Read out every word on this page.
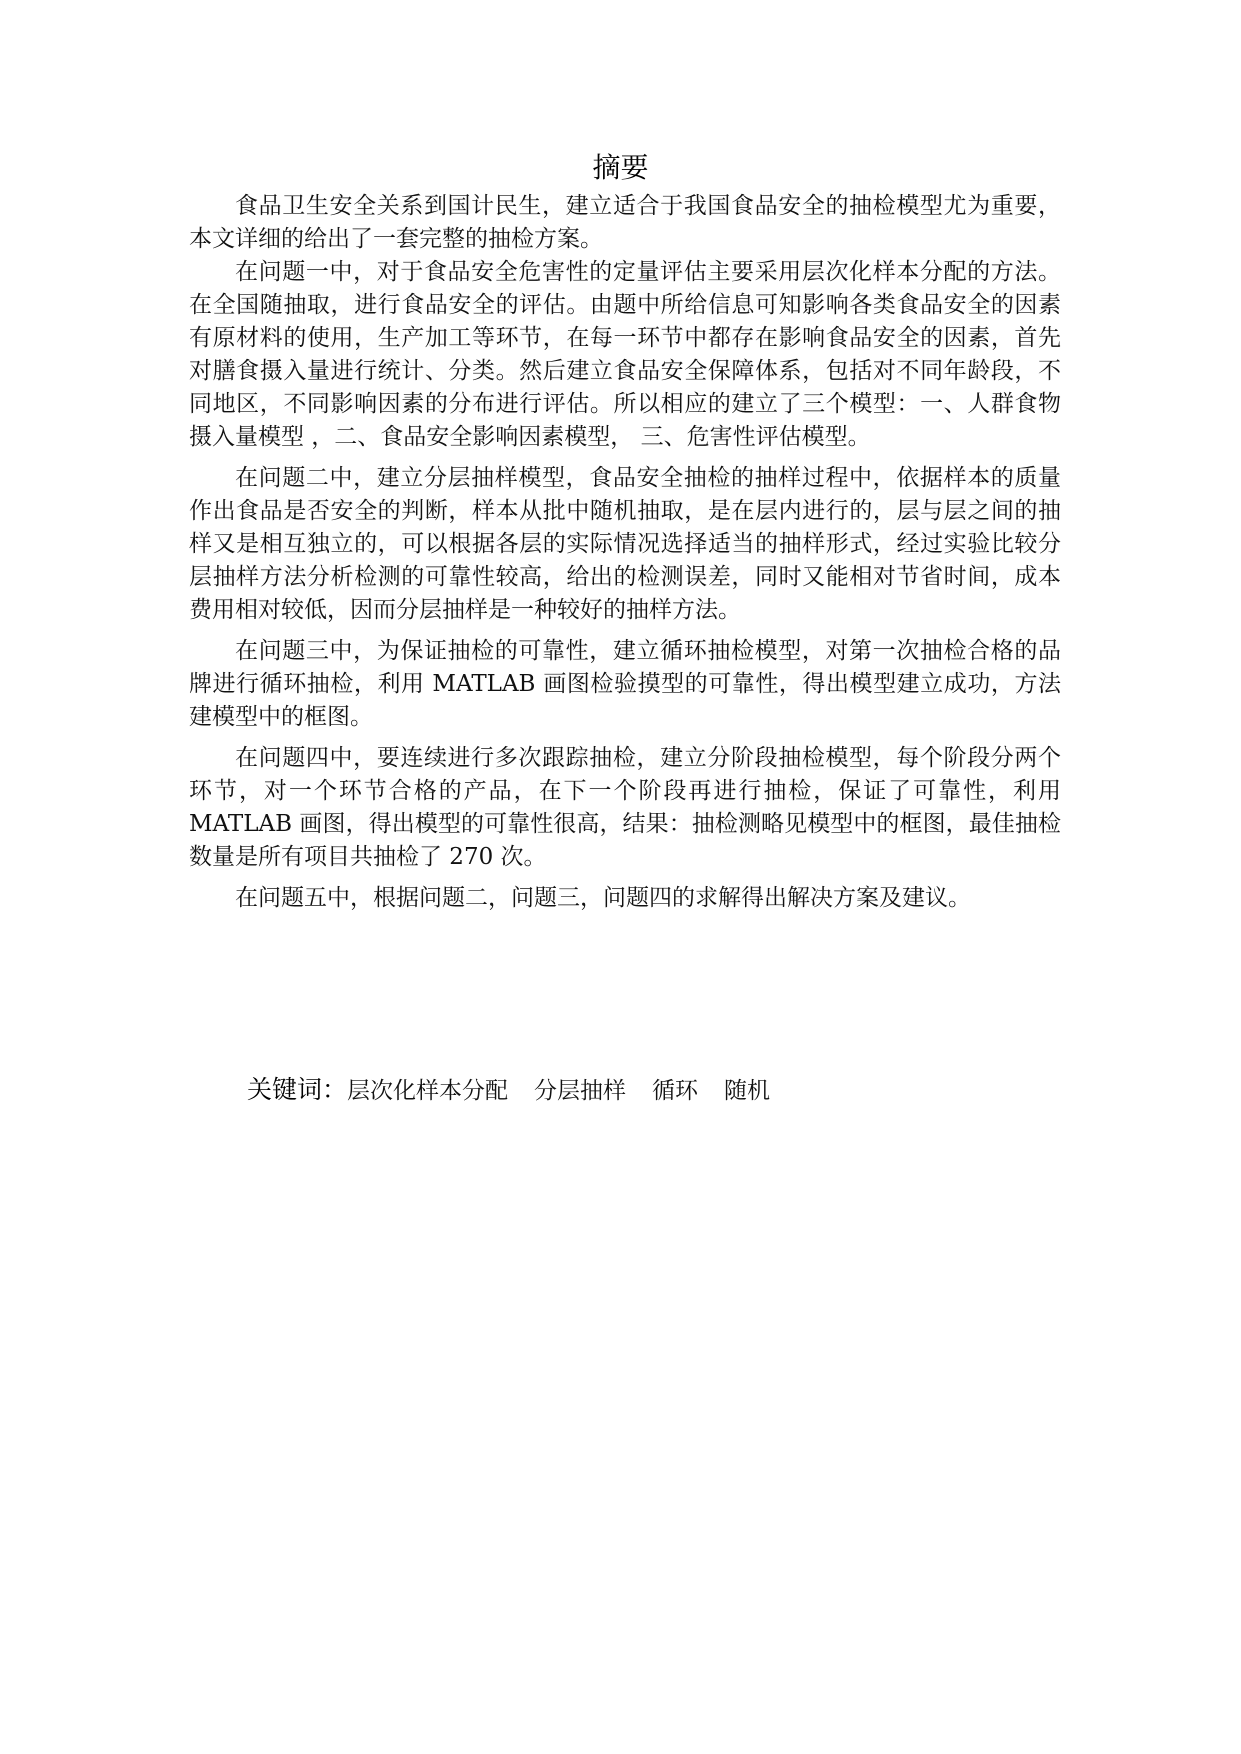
摘要

食品卫生安全关系到国计民生，建立适合于我国食品安全的抽检模型尤为重要，本文详细的给出了一套完整的抽检方案。

在问题一中，对于食品安全危害性的定量评估主要采用层次化样本分配的方法。在全国随抽取，进行食品安全的评估。由题中所给信息可知影响各类食品安全的因素有原材料的使用，生产加工等环节，在每一环节中都存在影响食品安全的因素，首先对膳食摄入量进行统计、分类。然后建立食品安全保障体系，包括对不同年龄段，不同地区，不同影响因素的分布进行评估。所以相应的建立了三个模型：一、人群食物摄入量模型 ，二、食品安全影响因素模型， 三、危害性评估模型。

在问题二中，建立分层抽样模型，食品安全抽检的抽样过程中，依据样本的质量作出食品是否安全的判断，样本从批中随机抽取，是在层内进行的，层与层之间的抽样又是相互独立的，可以根据各层的实际情况选择适当的抽样形式，经过实验比较分层抽样方法分析检测的可靠性较高，给出的检测误差，同时又能相对节省时间，成本费用相对较低，因而分层抽样是一种较好的抽样方法。

在问题三中，为保证抽检的可靠性，建立循环抽检模型，对第一次抽检合格的品牌进行循环抽检，利用 MATLAB 画图检验摸型的可靠性，得出模型建立成功，方法建模型中的框图。

在问题四中，要连续进行多次跟踪抽检，建立分阶段抽检模型，每个阶段分两个环节，对一个环节合格的产品，在下一个阶段再进行抽检，保证了可靠性，利用 MATLAB 画图，得出模型的可靠性很高，结果：抽检测略见模型中的框图，最佳抽检数量是所有项目共抽检了 270 次。

在问题五中，根据问题二，问题三，问题四的求解得出解决方案及建议。

关键词：层次化样本分配 分层抽样 循环 随机
